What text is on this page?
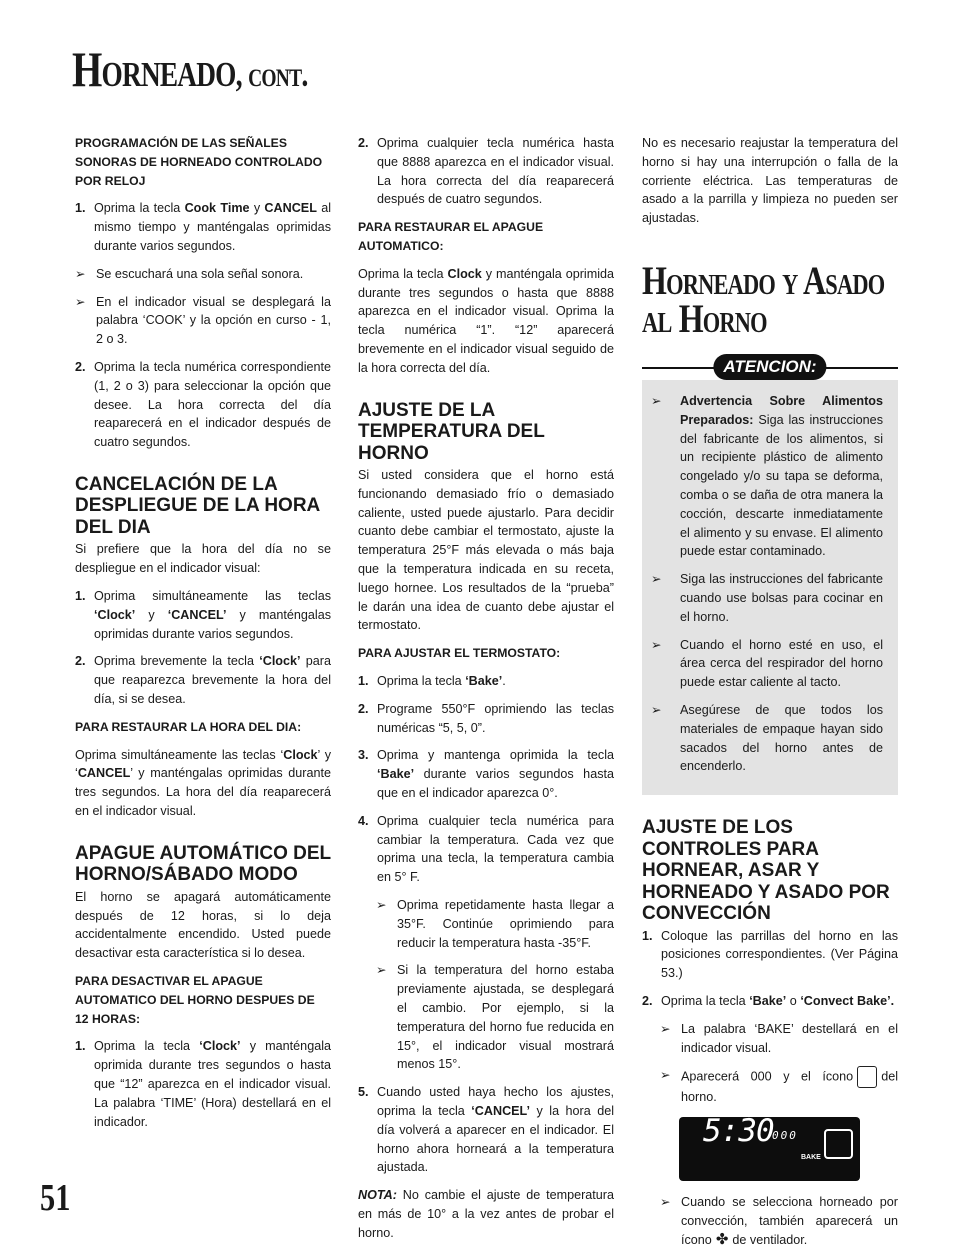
Horneado, cont.
PROGRAMACIÓN DE LAS SEÑALES SONORAS DE HORNEADO CONTROLADO POR RELOJ
1. Oprima la tecla Cook Time y CANCEL al mismo tiempo y manténgalas oprimidas durante varios segundos.
➢ Se escuchará una sola señal sonora.
➢ En el indicador visual se desplegará la palabra ‘COOK’ y la opción en curso - 1, 2 o 3.
2. Oprima la tecla numérica correspondiente (1, 2 o 3) para seleccionar la opción que desee. La hora correcta del día reaparecerá en el indicador después de cuatro segundos.
CANCELACIÓN DE LA DESPLIEGUE DE LA HORA DEL DIA

Si prefiere que la hora del día no se despliegue en el indicador visual:

1. Oprima simultáneamente las teclas ‘Clock’ y ‘CANCEL’ y manténgalas oprimidas durante varios segundos.
2. Oprima brevemente la tecla ‘Clock’ para que reaparezca brevemente la hora del día, si se desea.
PARA RESTAURAR LA HORA DEL DIA:

Oprima simultáneamente las teclas ‘Clock’ y ‘CANCEL’ y manténgalas oprimidas durante tres segundos. La hora del día reaparecerá en el indicador visual.

APAGUE AUTOMÁTICO DEL HORNO/SÁBADO MODO

El horno se apagará automáticamente después de 12 horas, si lo deja accidentalmente encendido. Usted puede desactivar esta característica si lo desea.

PARA DESACTIVAR EL APAGUE AUTOMATICO DEL HORNO DESPUES DE 12 HORAS:
1. Oprima la tecla ‘Clock’ y manténgala oprimida durante tres segundos o hasta que “12” aparezca en el indicador visual. La palabra ‘TIME’ (Hora) destellará en el indicador.
2. Oprima cualquier tecla numérica hasta que 8888 aparezca en el indicador visual. La hora correcta del día reaparecerá después de cuatro segundos.
PARA RESTAURAR EL APAGUE AUTOMATICO:

Oprima la tecla Clock y manténgala oprimida durante tres segundos o hasta que 8888 aparezca en el indicador visual. Oprima la tecla numérica “1”. “12” aparecerá brevemente en el indicador visual seguido de la hora correcta del día.

AJUSTE DE LA TEMPERATURA DEL HORNO

Si usted considera que el horno está funcionando demasiado frío o demasiado caliente, usted puede ajustarlo. Para decidir cuanto debe cambiar el termostato, ajuste la temperatura 25°F más elevada o más baja que la temperatura indicada en su receta, luego hornee. Los resultados de la “prueba” le darán una idea de cuanto debe ajustar el termostato.

PARA AJUSTAR EL TERMOSTATO:
1. Oprima la tecla ‘Bake’.
2. Programe 550°F oprimiendo las teclas numéricas “5, 5, 0”.
3. Oprima y mantenga oprimida la tecla ‘Bake’ durante varios segundos hasta que en el indicador aparezca 0°.
4. Oprima cualquier tecla numérica para cambiar la temperatura. Cada vez que oprima una tecla, la temperatura cambia en 5° F.
➢ Oprima repetidamente hasta llegar a 35°F. Continúe oprimiendo para reducir la temperatura hasta -35°F.
➢ Si la temperatura del horno estaba previamente ajustada, se desplegará el cambio. Por ejemplo, si la temperatura del horno fue reducida en 15°, el indicador visual mostrará menos 15°.
5. Cuando usted haya hecho los ajustes, oprima la tecla ‘CANCEL’ y la hora del día volverá a aparecer en el indicador. El horno ahora horneará a la temperatura ajustada.

NOTA: No cambie el ajuste de temperatura en más de 10° a la vez antes de probar el horno.

No es necesario reajustar la temperatura del horno si hay una interrupción o falla de la corriente eléctrica. Las temperaturas de asado a la parrilla y limpieza no pueden ser ajustadas.

Horneado y Asado
al Horno
ATENCION:
➢ Advertencia Sobre Alimentos Preparados: Siga las instrucciones del fabricante de los alimentos, si un recipiente plástico de alimento congelado y/o su tapa se deforma, comba o se daña de otra manera la cocción, descarte inmediatamente el alimento y su envase. El alimento puede estar contaminado.
➢ Siga las instrucciones del fabricante cuando use bolsas para cocinar en el horno.
➢ Cuando el horno esté en uso, el área cerca del respirador del horno puede estar caliente al tacto.
➢ Asegúrese de que todos los materiales de empaque hayan sido sacados del horno antes de encenderlo.
AJUSTE DE LOS CONTROLES PARA HORNEAR, ASAR Y HORNEADO Y ASADO POR CONVECCIÓN
1. Coloque las parrillas del horno en las posiciones correspondientes. (Ver Página 53.)
2. Oprima la tecla ‘Bake’ o ‘Convect Bake’.
➢ La palabra ‘BAKE’ destellará en el indicador visual.
➢ Aparecerá 000 y el ícono del horno.
5:30
000
BAKE
➢ Cuando se selecciona horneado por convección, también aparecerá un ícono ✤ de ventilador.
51
